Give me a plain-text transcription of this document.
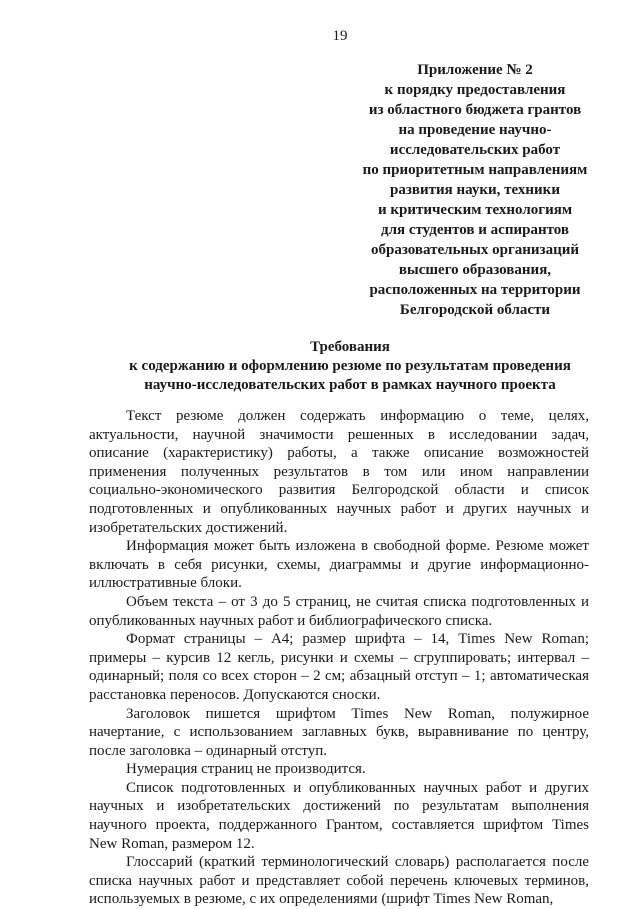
19
Приложение № 2
к порядку предоставления
из областного бюджета грантов
на проведение научно-
исследовательских работ
по приоритетным направлениям
развития науки, техники
и критическим технологиям
для студентов и аспирантов
образовательных организаций
высшего образования,
расположенных на территории
Белгородской области
Требования
к содержанию и оформлению резюме по результатам проведения
научно-исследовательских работ в рамках научного проекта

Текст резюме должен содержать информацию о теме, целях, актуальности, научной значимости решенных в исследовании задач, описание (характеристику) работы, а также описание возможностей применения полученных результатов в том или ином направлении социально-экономического развития Белгородской области и список подготовленных и опубликованных научных работ и других научных и изобретательских достижений.

Информация может быть изложена в свободной форме. Резюме может включать в себя рисунки, схемы, диаграммы и другие информационно-иллюстративные блоки.

Объем текста – от 3 до 5 страниц, не считая списка подготовленных и опубликованных научных работ и библиографического списка.

Формат страницы – А4; размер шрифта – 14, Times New Roman; примеры – курсив 12 кегль, рисунки и схемы – сгруппировать; интервал – одинарный; поля со всех сторон – 2 см; абзацный отступ – 1; автоматическая расстановка переносов. Допускаются сноски.

Заголовок пишется шрифтом Times New Roman, полужирное начертание, с использованием заглавных букв, выравнивание по центру, после заголовка – одинарный отступ.

Нумерация страниц не производится.

Список подготовленных и опубликованных научных работ и других научных и изобретательских достижений по результатам выполнения научного проекта, поддержанного Грантом, составляется шрифтом Times New Roman, размером 12.

Глоссарий (краткий терминологический словарь) располагается после списка научных работ и представляет собой перечень ключевых терминов, используемых в резюме, с их определениями (шрифт Times New Roman,
